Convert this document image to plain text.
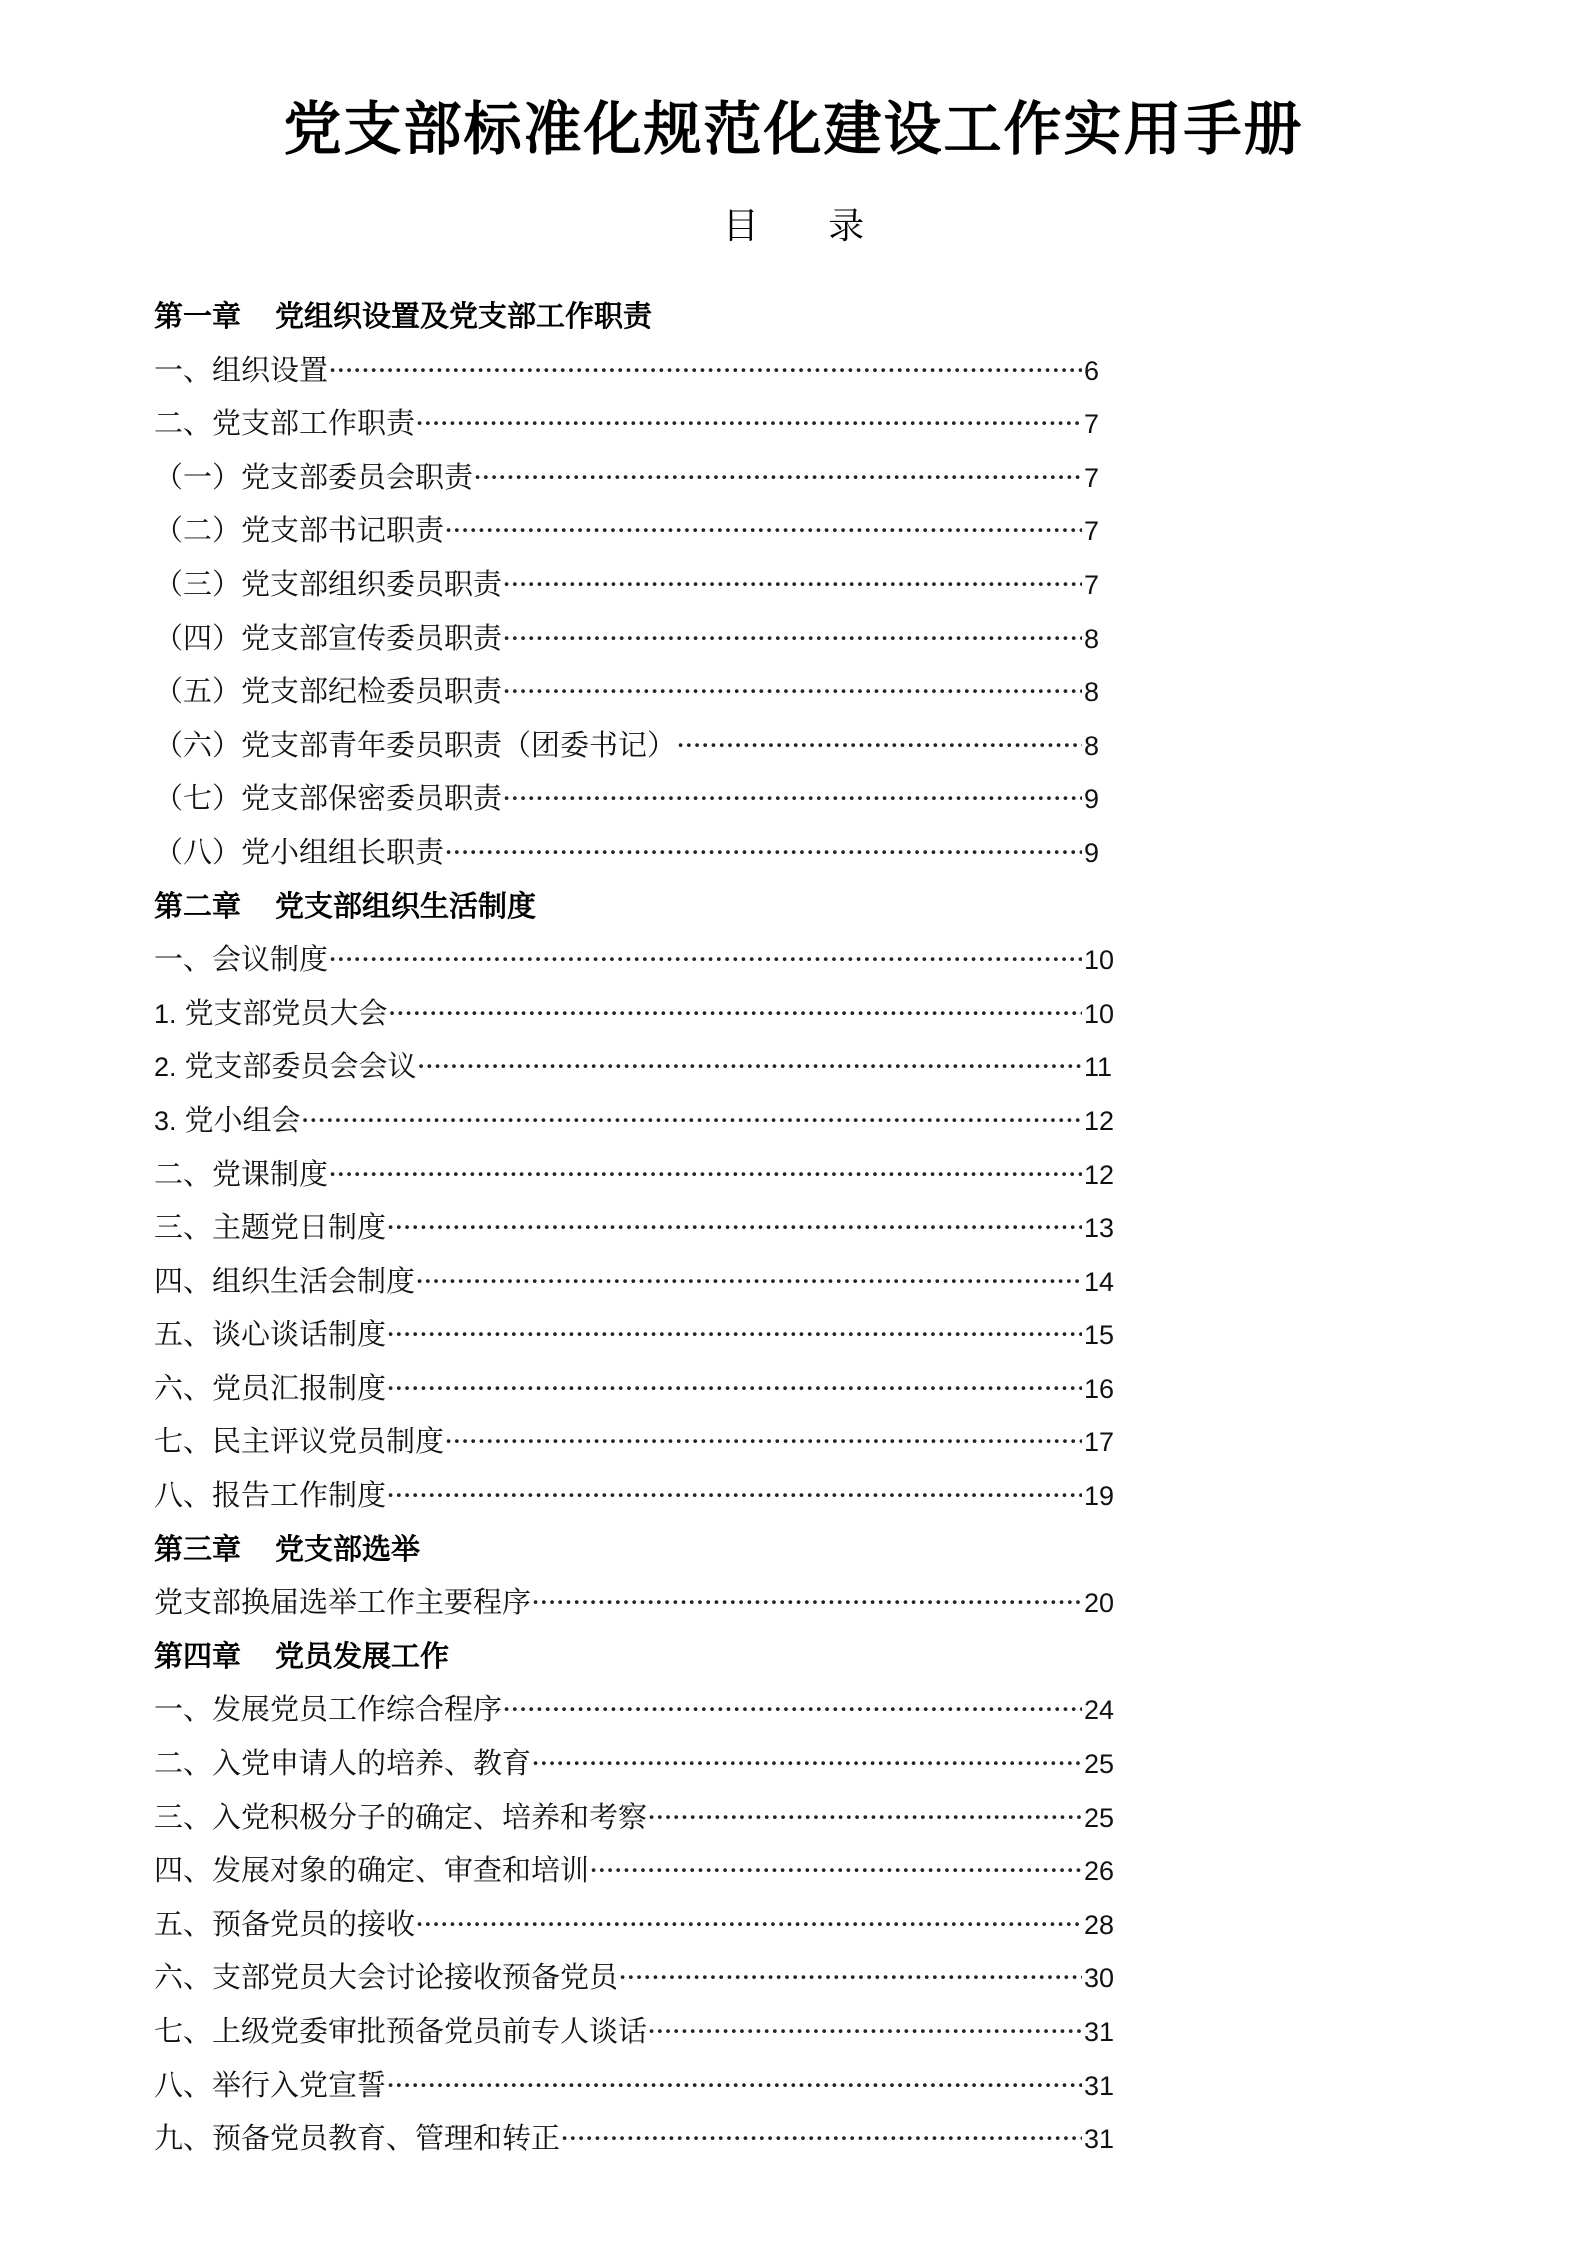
党支部标准化规范化建设工作实用手册
目 录
第一章 党组织设置及党支部工作职责
一、组织设置 ·····	6
二、党支部工作职责 ·····	7
（一）党支部委员会职责 ·····	7
（二）党支部书记职责 ·····	7
（三）党支部组织委员职责 ·····	7
（四）党支部宣传委员职责 ·····	8
（五）党支部纪检委员职责 ·····	8
（六）党支部青年委员职责（团委书记） ·····	8
（七）党支部保密委员职责 ·····	9
（八）党小组组长职责 ·····	9
第二章 党支部组织生活制度
一、会议制度 ·····	10
1. 党支部党员大会 ·····	10
2. 党支部委员会会议 ·····	11
3. 党小组会 ·····	12
二、党课制度 ·····	12
三、主题党日制度 ·····	13
四、组织生活会制度 ·····	14
五、谈心谈话制度 ·····	15
六、党员汇报制度 ·····	16
七、民主评议党员制度 ·····	17
八、报告工作制度 ·····	19
第三章 党支部选举
党支部换届选举工作主要程序 ·····	20
第四章 党员发展工作
一、发展党员工作综合程序 ·····	24
二、入党申请人的培养、教育 ·····	25
三、入党积极分子的确定、培养和考察 ·····	25
四、发展对象的确定、审查和培训 ·····	26
五、预备党员的接收 ·····	28
六、支部党员大会讨论接收预备党员 ·····	30
七、上级党委审批预备党员前专人谈话 ·····	31
八、举行入党宣誓 ·····	31
九、预备党员教育、管理和转正 ·····	31
